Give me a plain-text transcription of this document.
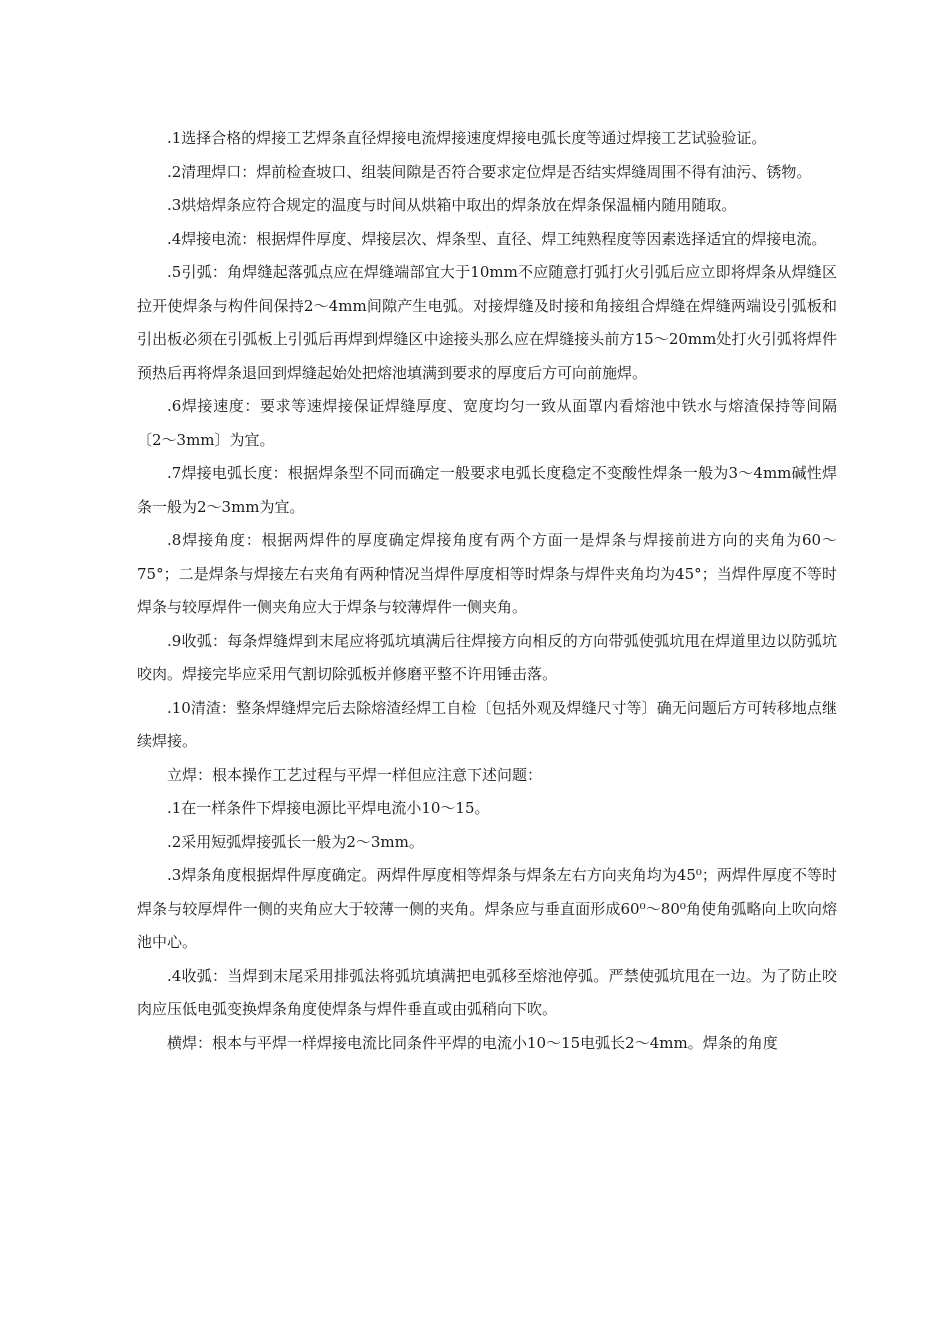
.1选择合格的焊接工艺焊条直径焊接电流焊接速度焊接电弧长度等通过焊接工艺试验验证。

.2清理焊口：焊前检查坡口、组装间隙是否符合要求定位焊是否结实焊缝周围不得有油污、锈物。

.3烘焙焊条应符合规定的温度与时间从烘箱中取出的焊条放在焊条保温桶内随用随取。

.4焊接电流：根据焊件厚度、焊接层次、焊条型、直径、焊工纯熟程度等因素选择适宜的焊接电流。

.5引弧：角焊缝起落弧点应在焊缝端部宜大于10mm不应随意打弧打火引弧后应立即将焊条从焊缝区拉开使焊条与构件间保持2～4mm间隙产生电弧。对接焊缝及时接和角接组合焊缝在焊缝两端设引弧板和引出板必须在引弧板上引弧后再焊到焊缝区中途接头那么应在焊缝接头前方15～20mm处打火引弧将焊件预热后再将焊条退回到焊缝起始处把熔池填满到要求的厚度后方可向前施焊。

.6焊接速度：要求等速焊接保证焊缝厚度、宽度均匀一致从面罩内看熔池中铁水与熔渣保持等间隔 〔2～3mm〕为宜。

.7焊接电弧长度：根据焊条型不同而确定一般要求电弧长度稳定不变酸性焊条一般为3～4mm碱性焊条一般为2～3mm为宜。

.8焊接角度：根据两焊件的厚度确定焊接角度有两个方面一是焊条与焊接前进方向的夹角为60～75°；二是焊条与焊接左右夹角有两种情况当焊件厚度相等时焊条与焊件夹角均为45°；当焊件厚度不等时焊条与较厚焊件一侧夹角应大于焊条与较薄焊件一侧夹角。

.9收弧：每条焊缝焊到末尾应将弧坑填满后往焊接方向相反的方向带弧使弧坑甩在焊道里边以防弧坑咬肉。焊接完毕应采用气割切除弧板并修磨平整不许用锤击落。

.10清渣：整条焊缝焊完后去除熔渣经焊工自检〔包括外观及焊缝尺寸等〕确无问题后方可转移地点继续焊接。

立焊：根本操作工艺过程与平焊一样但应注意下述问题：

.1在一样条件下焊接电源比平焊电流小10～15。

.2采用短弧焊接弧长一般为2～3mm。

.3焊条角度根据焊件厚度确定。两焊件厚度相等焊条与焊条左右方向夹角均为45⁰；两焊件厚度不等时焊条与较厚焊件一侧的夹角应大于较薄一侧的夹角。焊条应与垂直面形成60⁰～80⁰角使角弧略向上吹向熔池中心。

.4收弧：当焊到末尾采用排弧法将弧坑填满把电弧移至熔池停弧。严禁使弧坑甩在一边。为了防止咬肉应压低电弧变换焊条角度使焊条与焊件垂直或由弧稍向下吹。

横焊：根本与平焊一样焊接电流比同条件平焊的电流小10～15电弧长2～4mm。焊条的角度
